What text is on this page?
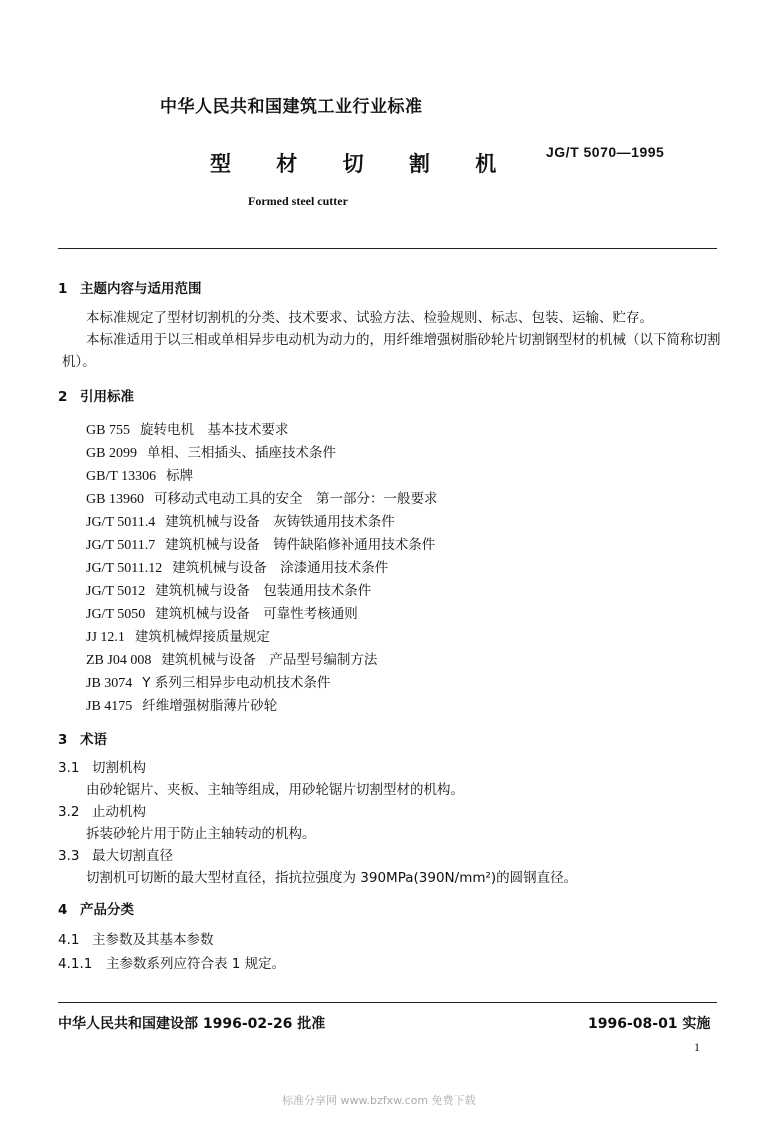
中华人民共和国建筑工业行业标准
型 材 切 割 机 JG/T 5070—1995
Formed steel cutter
1 主题内容与适用范围
本标准规定了型材切割机的分类、技术要求、试验方法、检验规则、标志、包装、运输、贮存。
本标准适用于以三相或单相异步电动机为动力的，用纤维增强树脂砂轮片切割钢型材的机械（以下简称切割机）。
2 引用标准
GB 755 旋转电机　基本技术要求
GB 2099 单相、三相插头、插座技术条件
GB/T 13306 标牌
GB 13960 可移动式电动工具的安全　第一部分：一般要求
JG/T 5011.4 建筑机械与设备　灰铸铁通用技术条件
JG/T 5011.7 建筑机械与设备　铸件缺陷修补通用技术条件
JG/T 5011.12 建筑机械与设备　涂漆通用技术条件
JG/T 5012 建筑机械与设备　包装通用技术条件
JG/T 5050 建筑机械与设备　可靠性考核通则
JJ 12.1 建筑机械焊接质量规定
ZB J04 008 建筑机械与设备　产品型号编制方法
JB 3074 Y 系列三相异步电动机技术条件
JB 4175 纤维增强树脂薄片砂轮
3 术语
3.1 切割机构
由砂轮锯片、夹板、主轴等组成，用砂轮锯片切割型材的机构。
3.2 止动机构
拆装砂轮片用于防止主轴转动的机构。
3.3 最大切割直径
切割机可切断的最大型材直径，指抗拉强度为 390MPa(390N/mm²)的圆钢直径。
4 产品分类
4.1 主参数及其基本参数
4.1.1 主参数系列应符合表 1 规定。
中华人民共和国建设部 1996-02-26 批准	1996-08-01 实施
1
标准分享网 www.bzfxw.com 免费下载
